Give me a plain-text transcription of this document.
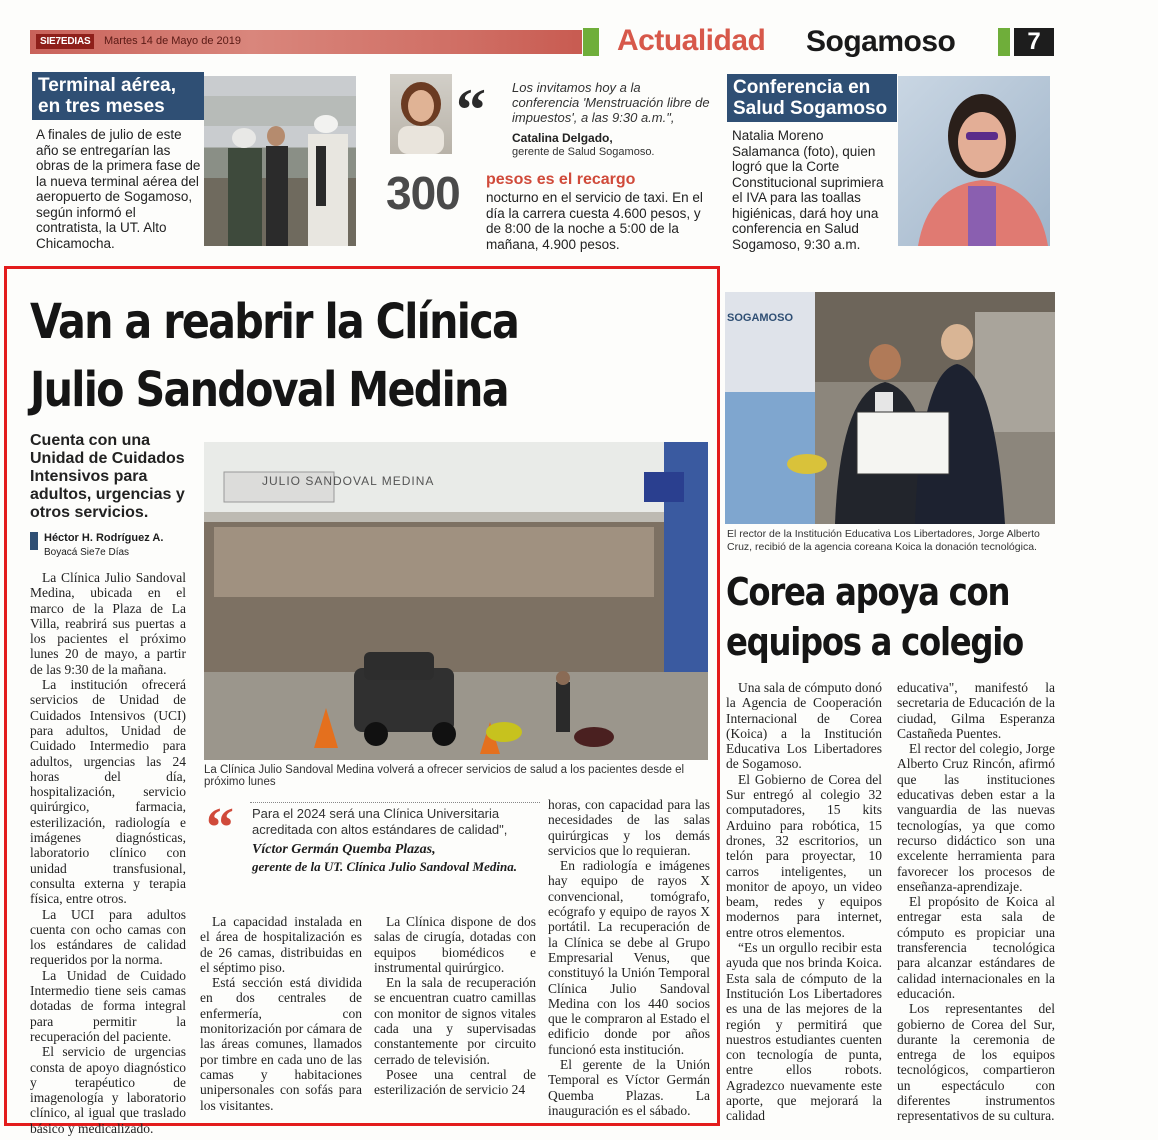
SIE7EDIAS	Martes 14 de Mayo de 2019	Actualidad Sogamoso	7
Terminal aérea, en tres meses
A finales de julio de este año se entregarían las obras de la primera fase de la nueva terminal aérea del aeropuerto de Sogamoso, según informó el contratista, la UT. Alto Chicamocha.
“ Los invitamos hoy a la conferencia 'Menstruación libre de impuestos', a las 9:30 a.m.",
Catalina Delgado,
gerente de Salud Sogamoso.
300 pesos es el recargo
nocturno en el servicio de taxi. En el día la carrera cuesta 4.600 pesos, y de 8:00 de la noche a 5:00 de la mañana, 4.900 pesos.
Conferencia en Salud Sogamoso
Natalia Moreno Salamanca (foto), quien logró que la Corte Constitucional suprimiera el IVA para las toallas higiénicas, dará hoy una conferencia en Salud Sogamoso, 9:30 a.m.
Van a reabrir la Clínica
Julio Sandoval Medina
Cuenta con una Unidad de Cuidados Intensivos para adultos, urgencias y otros servicios.
Héctor H. Rodríguez A.
Boyacá Sie7e Días
JULIO SANDOVAL MEDINA
La Clínica Julio Sandoval Medina volverá a ofrecer servicios de salud a los pacientes desde el próximo lunes

La Clínica Julio Sandoval Medina, ubicada en el marco de la Plaza de La Villa, reabrirá sus puertas a los pacientes el próximo lunes 20 de mayo, a partir de las 9:30 de la mañana.

La institución ofrecerá servicios de Unidad de Cuidados Intensivos (UCI) para adultos, Unidad de Cuidado Intermedio para adultos, urgencias las 24 horas del día, hospitalización, servicio quirúrgico, farmacia, esterilización, radiología e imágenes diagnósticas, laboratorio clínico con unidad transfusional, consulta externa y terapia física, entre otros.

La UCI para adultos cuenta con ocho camas con los estándares de calidad requeridos por la norma.

La Unidad de Cuidado Intermedio tiene seis camas dotadas de forma integral para permitir la recuperación del paciente.

El servicio de urgencias consta de apoyo diagnóstico y terapéutico de imagenología y laboratorio clínico, al igual que traslado básico y medicalizado.

“ Para el 2024 será una Clínica Universitaria acreditada con altos estándares de calidad",
Víctor Germán Quemba Plazas,
gerente de la UT. Clínica Julio Sandoval Medina.

La capacidad instalada en el área de hospitalización es de 26 camas, distribuidas en el séptimo piso.

Está sección está dividida en dos centrales de enfermería, con monitorización por cámara de las áreas comunes, llamados por timbre en cada uno de las camas y habitaciones unipersonales con sofás para los visitantes.

La Clínica dispone de dos salas de cirugía, dotadas con equipos biomédicos e instrumental quirúrgico.

En la sala de recuperación se encuentran cuatro camillas con monitor de signos vitales cada una y supervisadas constantemente por circuito cerrado de televisión.

Posee una central de esterilización de servicio 24

horas, con capacidad para las necesidades de las salas quirúrgicas y los demás servicios que lo requieran.

En radiología e imágenes hay equipo de rayos X convencional, tomógrafo, ecógrafo y equipo de rayos X portátil. La recuperación de la Clínica se debe al Grupo Empresarial Venus, que constituyó la Unión Temporal Clínica Julio Sandoval Medina con los 440 socios que le compraron al Estado el edificio donde por años funcionó esta institución.

El gerente de la Unión Temporal es Víctor Germán Quemba Plazas. La inauguración es el sábado.

SOGAMOSO
El rector de la Institución Educativa Los Libertadores, Jorge Alberto Cruz, recibió de la agencia coreana Koica la donación tecnológica.
Corea apoya con
equipos a colegio

Una sala de cómputo donó la Agencia de Cooperación Internacional de Corea (Koica) a la Institución Educativa Los Libertadores de Sogamoso.

El Gobierno de Corea del Sur entregó al colegio 32 computadores, 15 kits Arduino para robótica, 15 drones, 32 escritorios, un telón para proyectar, 10 carros inteligentes, un monitor de apoyo, un video beam, redes y equipos modernos para internet, entre otros elementos.

“Es un orgullo recibir esta ayuda que nos brinda Koica. Esta sala de cómputo de la Institución Los Libertadores es una de las mejores de la región y permitirá que nuestros estudiantes cuenten con tecnología de punta, entre ellos robots. Agradezco nuevamente este aporte, que mejorará la calidad

educativa", manifestó la secretaria de Educación de la ciudad, Gilma Esperanza Castañeda Puentes.

El rector del colegio, Jorge Alberto Cruz Rincón, afirmó que las instituciones educativas deben estar a la vanguardia de las nuevas tecnologías, ya que como recurso didáctico son una excelente herramienta para favorecer los procesos de enseñanza-aprendizaje.

El propósito de Koica al entregar esta sala de cómputo es propiciar una transferencia tecnológica para alcanzar estándares de calidad internacionales en la educación.

Los representantes del gobierno de Corea del Sur, durante la ceremonia de entrega de los equipos tecnológicos, compartieron un espectáculo con diferentes instrumentos representativos de su cultura.
